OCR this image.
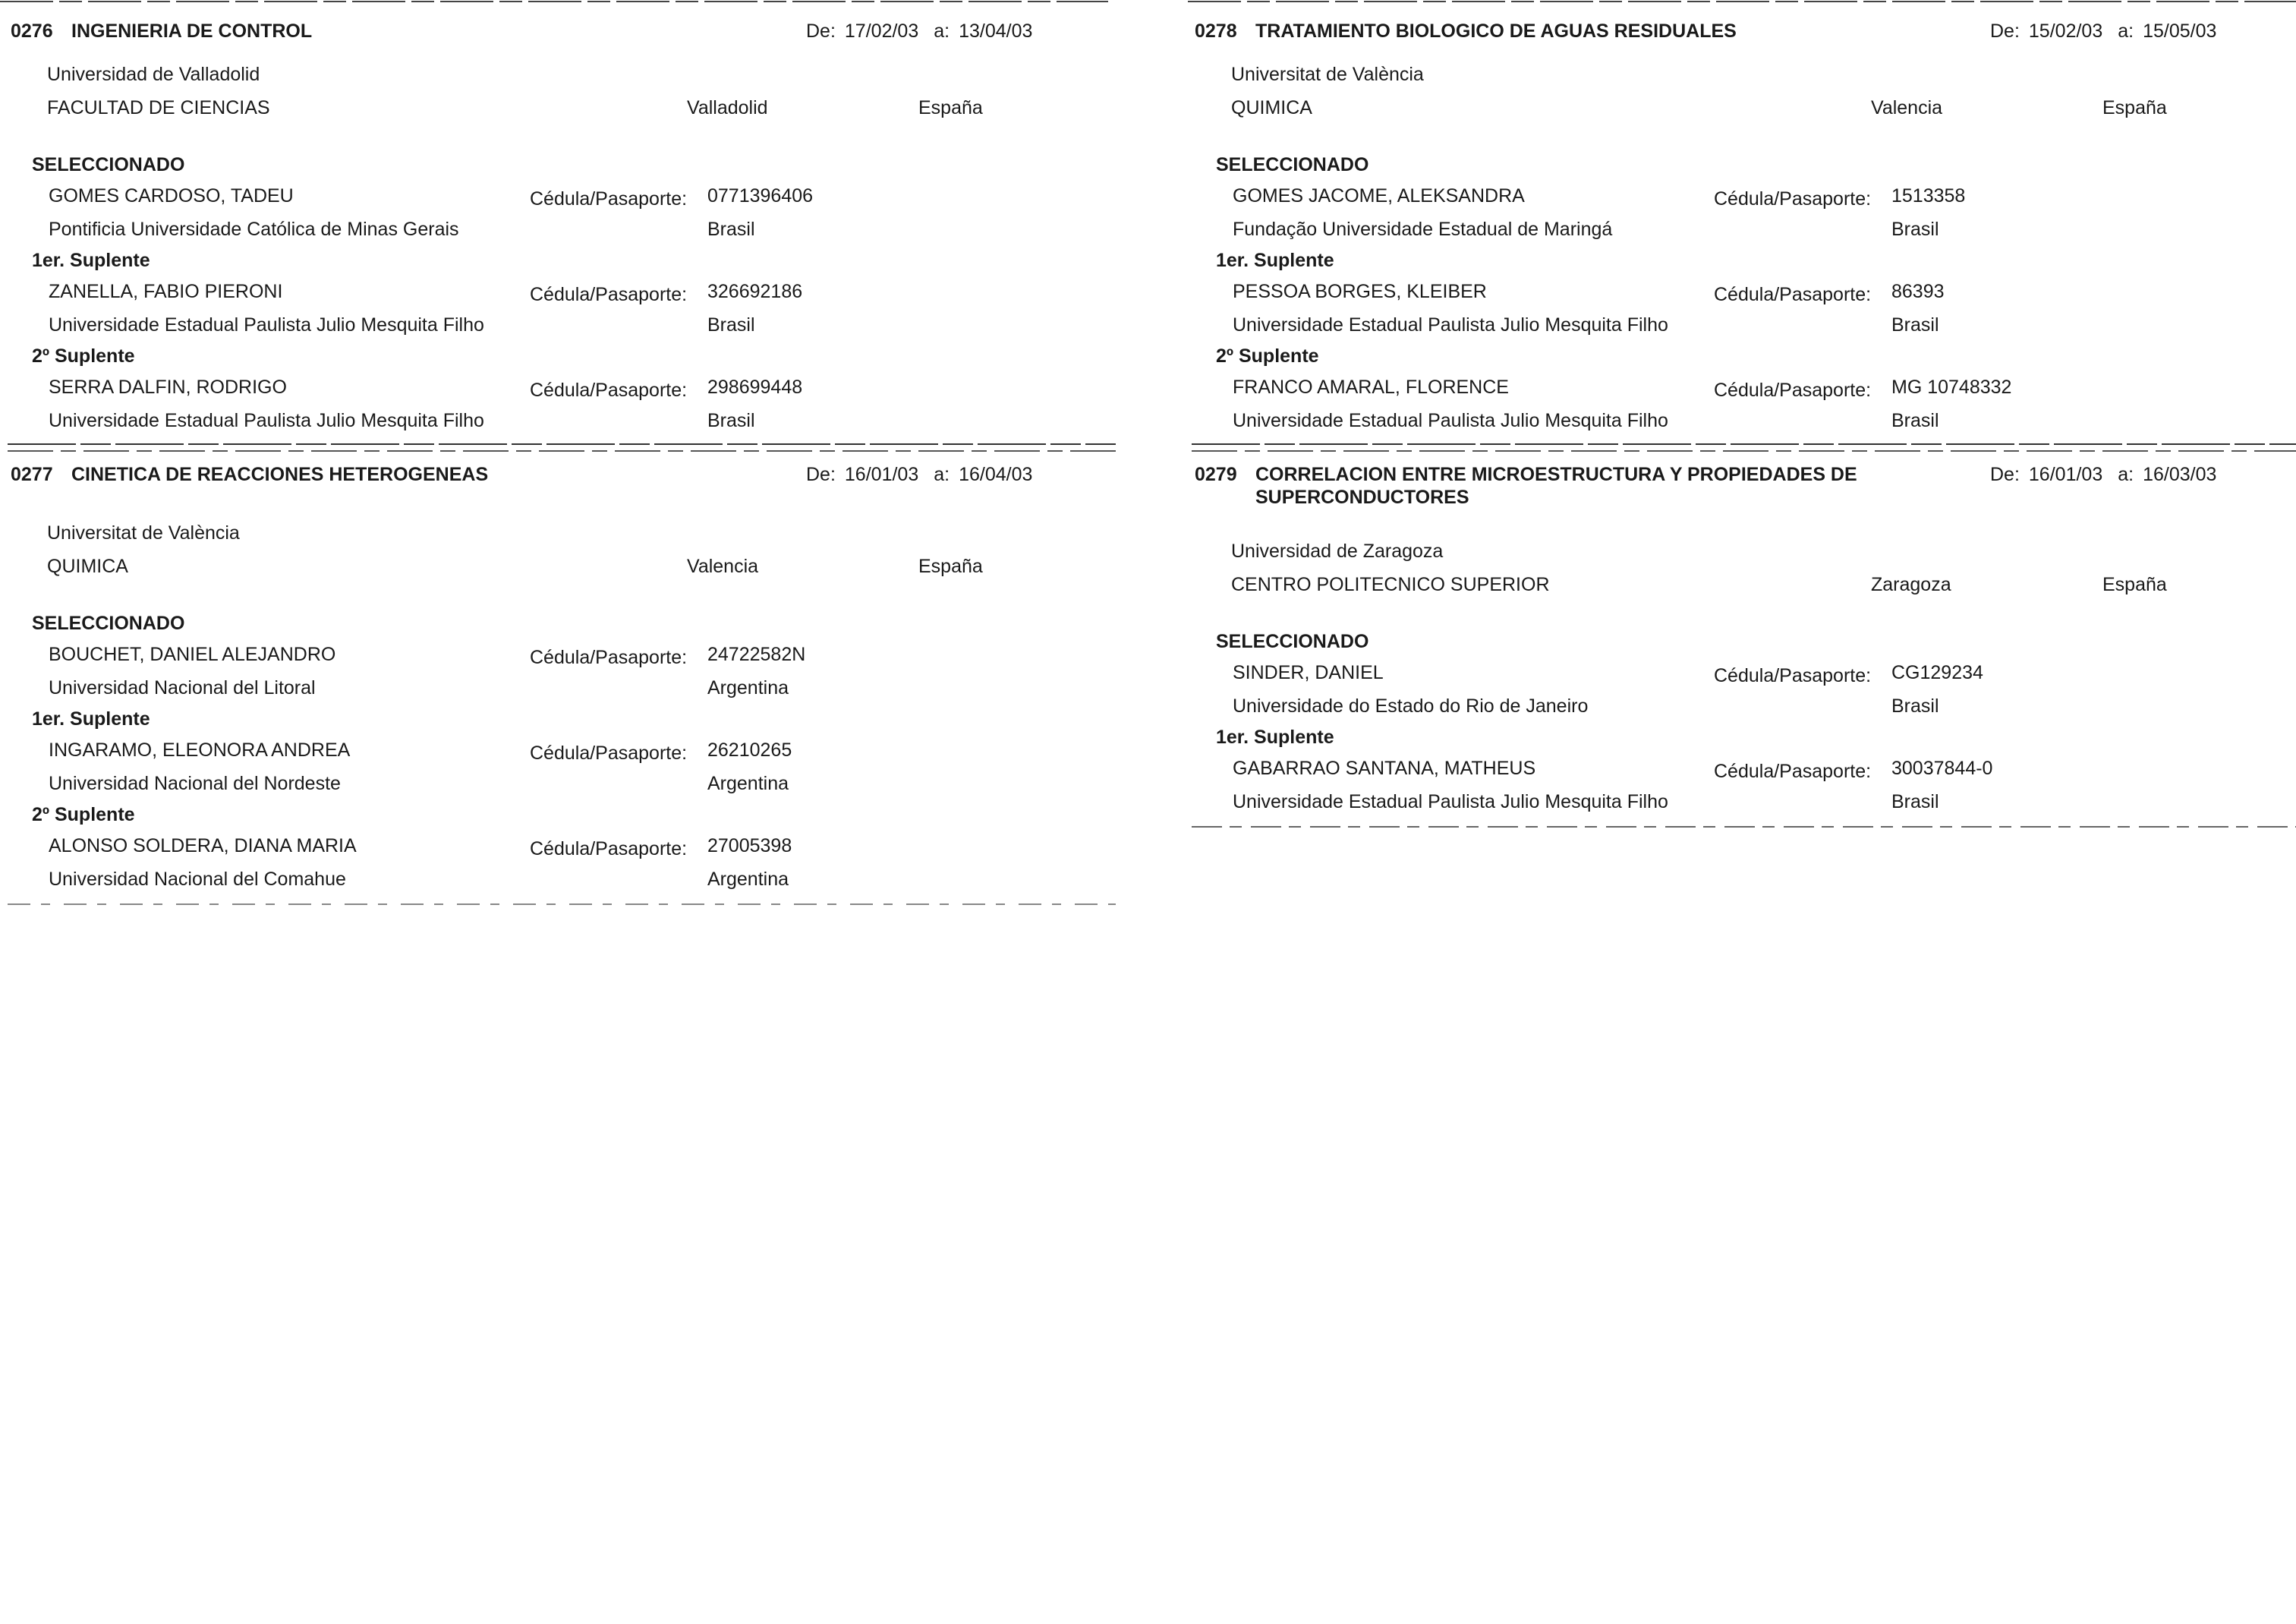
0276 INGENIERIA DE CONTROL	De: 17/02/03 a: 13/04/03
Universidad de Valladolid
FACULTAD DE CIENCIAS	Valladolid	España
SELECCIONADO
GOMES CARDOSO, TADEU	Cédula/Pasaporte: 0771396406
Pontificia Universidade Católica de Minas Gerais	Brasil
1er. Suplente
ZANELLA, FABIO PIERONI	Cédula/Pasaporte: 326692186
Universidade Estadual Paulista Julio Mesquita Filho	Brasil
2º Suplente
SERRA DALFIN, RODRIGO	Cédula/Pasaporte: 298699448
Universidade Estadual Paulista Julio Mesquita Filho	Brasil
0277 CINETICA DE REACCIONES HETEROGENEAS	De: 16/01/03 a: 16/04/03
Universitat de València
QUIMICA	Valencia	España
SELECCIONADO
BOUCHET, DANIEL ALEJANDRO	Cédula/Pasaporte: 24722582N
Universidad Nacional del Litoral	Argentina
1er. Suplente
INGARAMO, ELEONORA ANDREA	Cédula/Pasaporte: 26210265
Universidad Nacional del Nordeste	Argentina
2º Suplente
ALONSO SOLDERA, DIANA MARIA	Cédula/Pasaporte: 27005398
Universidad Nacional del Comahue	Argentina
0278 TRATAMIENTO BIOLOGICO DE AGUAS RESIDUALES	De: 15/02/03 a: 15/05/03
Universitat de València
QUIMICA	Valencia	España
SELECCIONADO
GOMES JACOME, ALEKSANDRA	Cédula/Pasaporte: 1513358
Fundação Universidade Estadual de Maringá	Brasil
1er. Suplente
PESSOA BORGES, KLEIBER	Cédula/Pasaporte: 86393
Universidade Estadual Paulista Julio Mesquita Filho	Brasil
2º Suplente
FRANCO AMARAL, FLORENCE	Cédula/Pasaporte: MG 10748332
Universidade Estadual Paulista Julio Mesquita Filho	Brasil
0279 CORRELACION ENTRE MICROESTRUCTURA Y PROPIEDADES DE SUPERCONDUCTORES
De: 16/01/03 a: 16/03/03
Universidad de Zaragoza
CENTRO POLITECNICO SUPERIOR	Zaragoza	España
SELECCIONADO
SINDER, DANIEL	Cédula/Pasaporte: CG129234
Universidade do Estado do Rio de Janeiro	Brasil
1er. Suplente
GABARRAO SANTANA, MATHEUS	Cédula/Pasaporte: 30037844-0
Universidade Estadual Paulista Julio Mesquita Filho	Brasil
